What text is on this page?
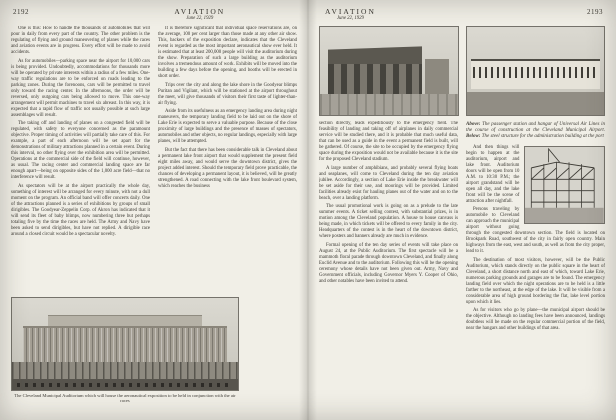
2192	AVIATION
June 22, 1929

One is this: How to handle the thousands of automobiles that will pour in daily from every part of the country. The other problem is the regulating of flying and ground maneuvering of planes while the races and aviation events are in progress. Every effort will be made to avoid accidents.

As for automobiles—parking space near the airport for 10,000 cars is being provided. Undoubtedly, accommodations for thousands more will be operated by private interests within a radius of a few miles. One-way traffic regulations are to be enforced on roads leading to the parking zones. During the forenoons, cars will be permitted to travel only toward the racing center. In the afternoons, the order will be reversed, only outgoing cars being allowed to move. This one-way arrangement will permit machines to travel six abreast. In this way, it is expected that a rapid flow of traffic not usually possible at such large assemblages will result.

The taking off and landing of planes on a congested field will be regulated, with safety to everyone concerned as the paramount objective. Proper timing of activities will partially take care of this. For example, a part of each afternoon will be set apart for the demonstrations of military attractions planned in a certain event. During this interval, no other flying over the exhibition area will be permitted. Operations at the commercial side of the field will continue, however, as usual. The racing center and commercial landing space are far enough apart—being on opposite sides of the 1,000 acre field—that no interference will result.

As spectators will be at the airport practically the whole day, something of interest will be arranged for every minute, with not a dull moment on the program. An official band will offer concerts daily. One of the attractions planned is a series of exhibitions by groups of small dirigibles. The Goodyear-Zeppelin Corp. of Akron has indicated that it will send its fleet of baby blimps, now numbering three but perhaps totaling five by the time the races are held. The Army and Navy have been asked to send dirigibles, but have not replied. A dirigible race around a closed circuit would be a spectacular novelty.

It is therefore significant that individual space reservations are, on the average, 100 per cent larger than those made at any other air show. This, backers of the exposition declare, indicates that the Cleveland event is regarded as the most important aeronautical show ever held. It is estimated that at least 200,000 people will visit the auditorium during the show. Preparation of such a large building as the auditorium involves a tremendous amount of work. Exhibits will be moved into the building a few days before the opening, and booths will be erected in short order.

Trips over the city and along the lake shore in the Goodyear blimps Puritan and Vigilant, which will be stationed at the airport throughout the meet, will give thousands of visitors their first taste of lighter-than-air flying.

Aside from its usefulness as an emergency landing area during night maneuvers, the temporary landing field to be laid out on the shore of Lake Erie is expected to serve a valuable purpose. Because of the close proximity of large buildings and the presence of masses of spectators, automobiles and other objects, no regular landings, especially with large planes, will be attempted.

But the fact that there has been considerable talk in Cleveland about a permanent lake front airport that would supplement the present field eight miles away, and would serve the downtown district, gives the project added interest. Should the temporary field prove practicable, the chances of developing a permanent layout, it is believed, will be greatly strengthened. A road connecting with the lake front boulevard system, which reaches the business

The Cleveland Municipal Auditorium which will house the aeronautical exposition to be held in conjunction with the air races
AVIATION
June 22, 1929
2193

section directly, leads expeditiously to the emergency field. The feasibility of landing and taking off of airplanes in daily commercial service will be studied there, and it is probable that much useful data, that can be used as a guide in the event a permanent field is built, will be gathered. Of course, the site to be occupied by the emergency flying space during the exposition would not be available because it is the site for the proposed Cleveland stadium.

A large number of amphibians, and probably several flying boats and seaplanes, will come to Cleveland during the ten day aviation jubilee. Accordingly, a section of Lake Erie inside the breakwater will be set aside for their use, and moorings will be provided. Limited facilities already exist for hauling planes out of the water and on to the beach, over a landing platform.

The usual promotional work is going on as a prelude to the late summer events. A ticket selling contest, with substantial prizes, is in motion among the Cleveland population. A house to house canvass is being made, in which tickets will be offered to every family in the city. Headquarters of the contest is in the heart of the downtown district, where posters and banners already are much in evidence.

Formal opening of the ten day series of events will take place on August 24, at the Public Auditorium. The first spectacle will be a mammoth floral parade through downtown Cleveland, and finally along Euclid Avenue and to the auditorium. Following this will be the opening ceremony whose details have not been given out. Army, Navy and Government officials, including Governor Myers Y. Cooper of Ohio, and other notables have been invited to attend.

Above: The passenger station and hangar of Universal Air Lines in the course of construction at the Cleveland Municipal Airport. Below: The steel structure for the administration building at the port

And then things will begin to happen at the auditorium, airport and lake front. Auditorium doors will be open from 10 A.M. to 10:30 P.M.; the airport grandstand will be open all day, and the lake front will be the scene of attraction after nightfall.

Persons traveling by automobile to Cleveland can approach the municipal airport without going through the congested downtown section. The field is located on Brookpark Road, southwest of the city in fairly open country. Main highways from the east, west and south, as well as from the city proper, lead to it.

The destination of most visitors, however, will be the Public Auditorium, which stands directly on the public square in the heart of Cleveland, a short distance north and east of which, toward Lake Erie, numerous parking grounds and garages are to be found. The emergency landing field over which the night operations are to be held is a little farther to the northeast, at the edge of the lake. It will be visible from a considerable area of high ground bordering the flat, lake level portion upon which it lies.

As for visitors who go by plane—the municipal airport should be the objective. Although no landing fees have been announced, landings doubtless will be made on the regular commercial portion of the field, near the hangars and other buildings of that area.
